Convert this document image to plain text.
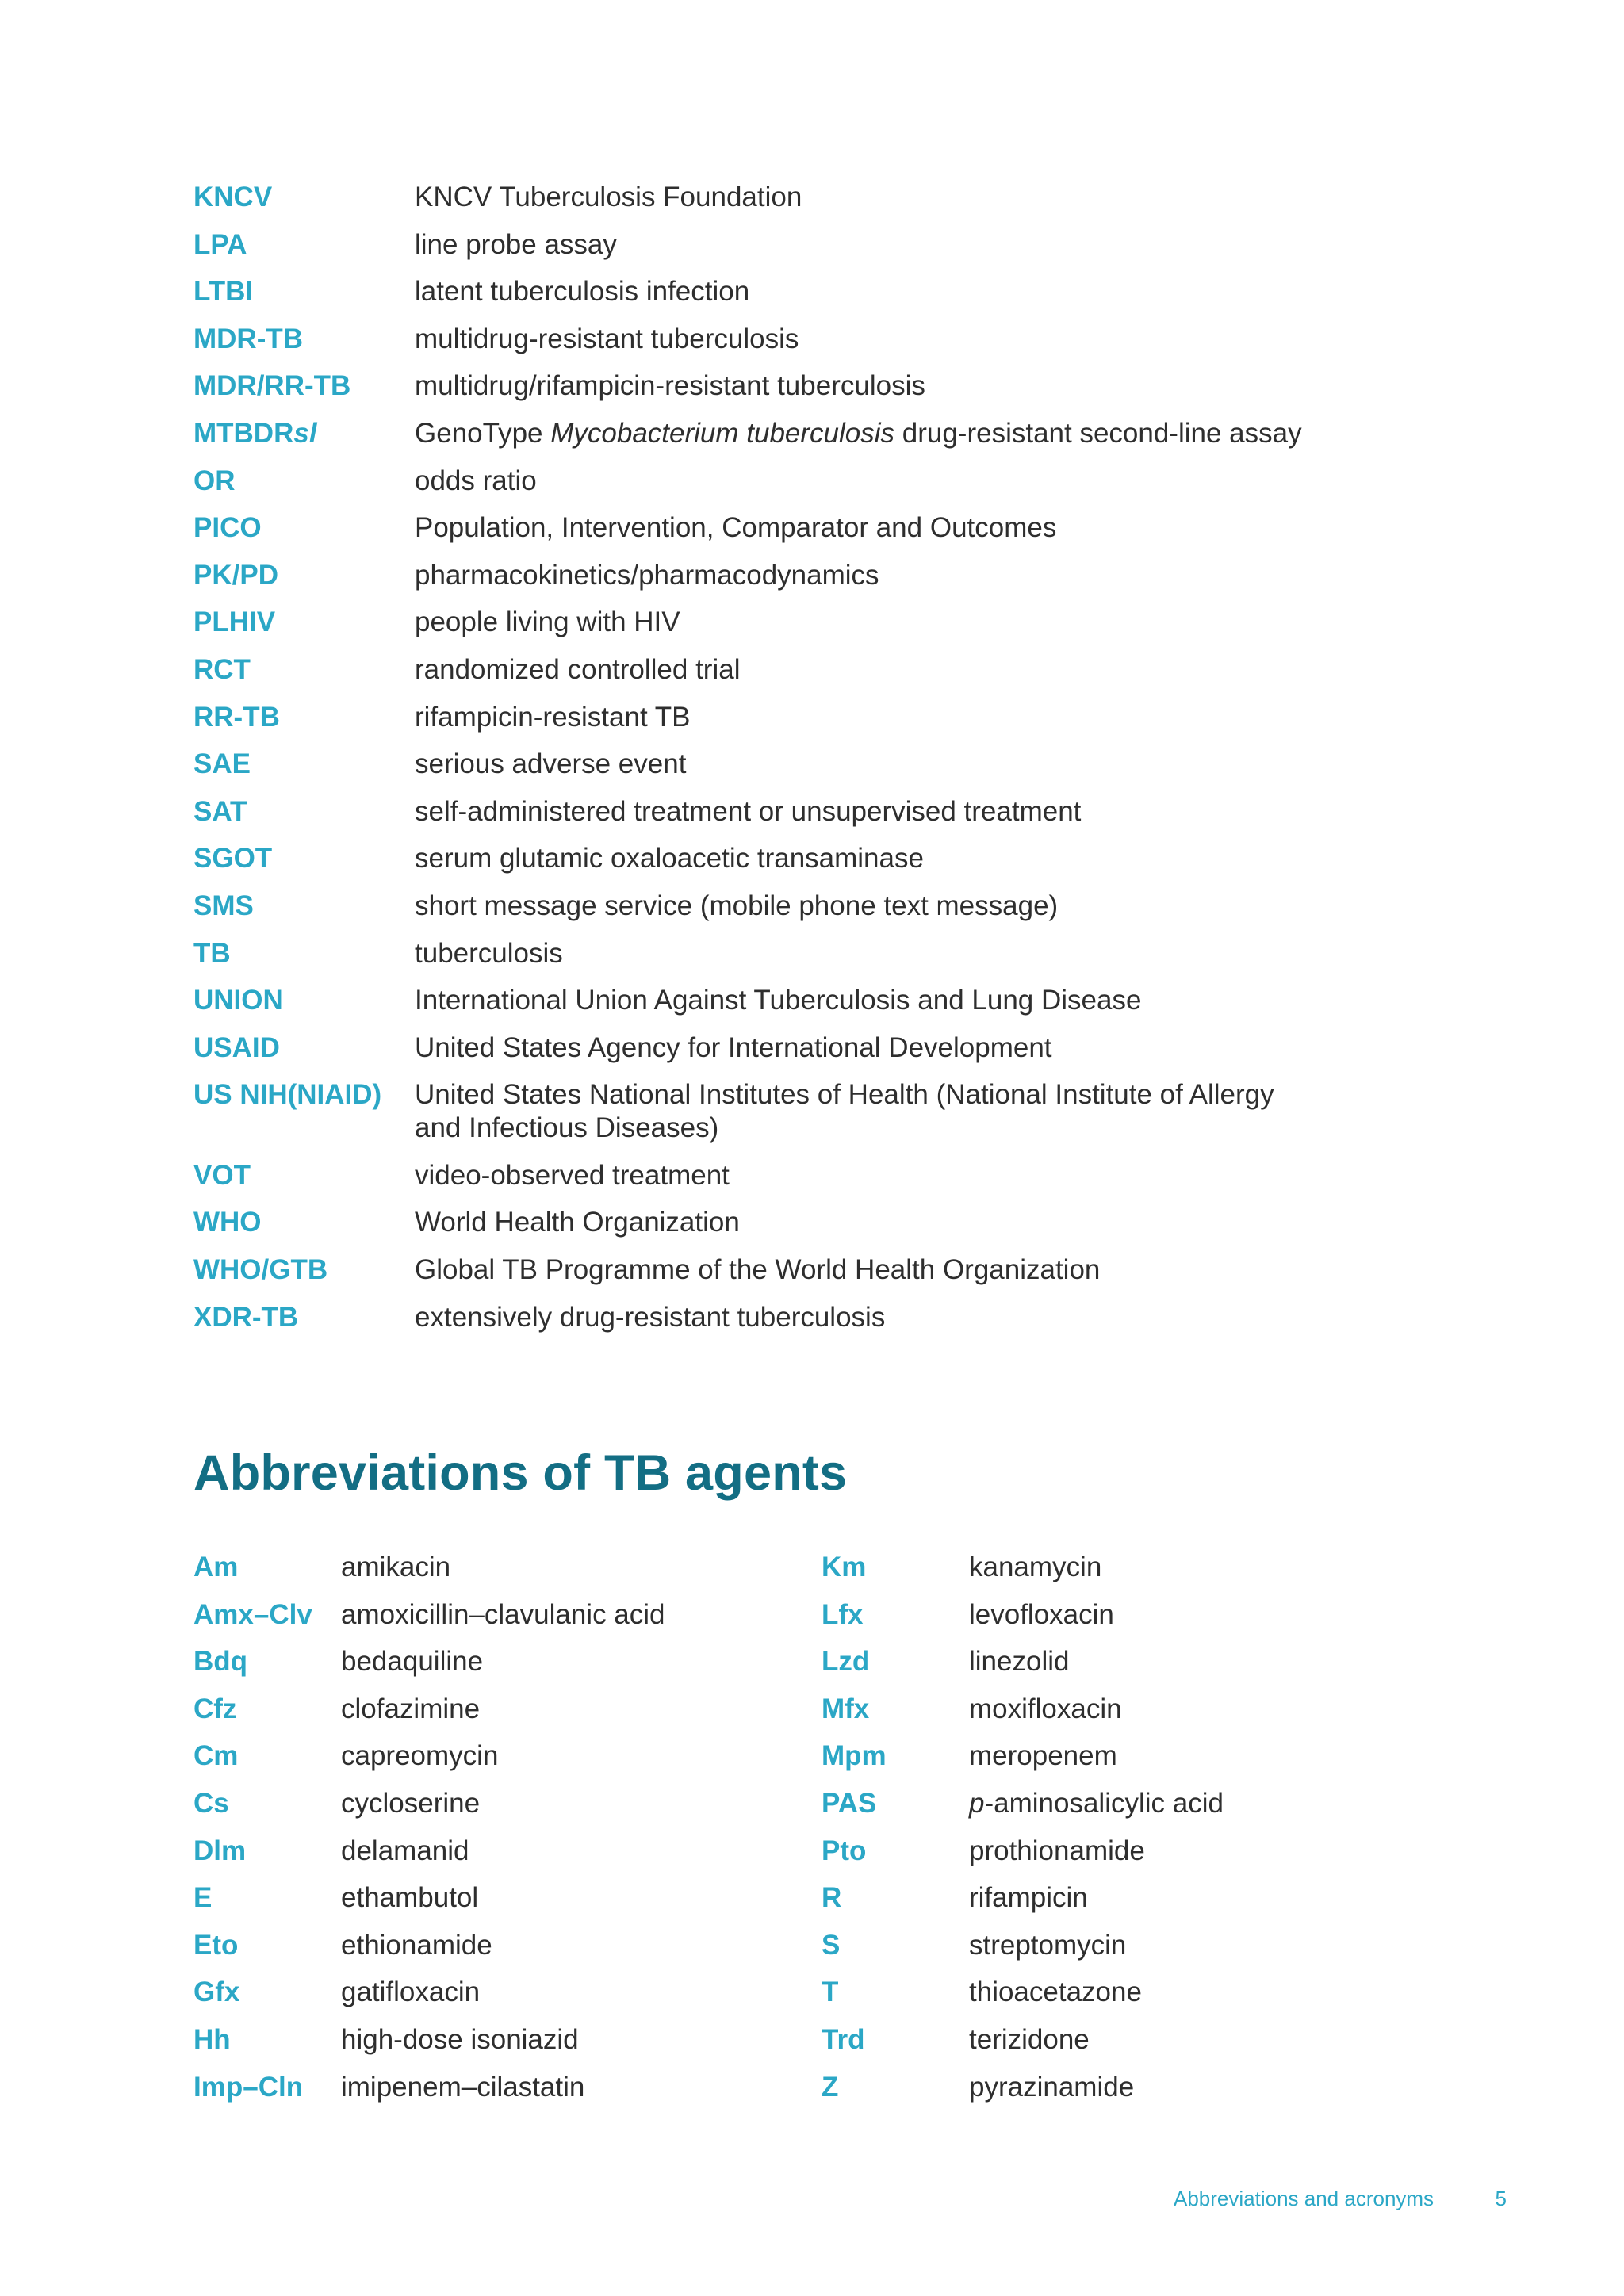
KNCV	KNCV Tuberculosis Foundation
LPA	line probe assay
LTBI	latent tuberculosis infection
MDR-TB	multidrug-resistant tuberculosis
MDR/RR-TB	multidrug/rifampicin-resistant tuberculosis
MTBDRsl	GenoType Mycobacterium tuberculosis drug-resistant second-line assay
OR	odds ratio
PICO	Population, Intervention, Comparator and Outcomes
PK/PD	pharmacokinetics/pharmacodynamics
PLHIV	people living with HIV
RCT	randomized controlled trial
RR-TB	rifampicin-resistant TB
SAE	serious adverse event
SAT	self-administered treatment or unsupervised treatment
SGOT	serum glutamic oxaloacetic transaminase
SMS	short message service (mobile phone text message)
TB	tuberculosis
UNION	International Union Against Tuberculosis and Lung Disease
USAID	United States Agency for International Development
US NIH(NIAID)	United States National Institutes of Health (National Institute of Allergy and Infectious Diseases)
VOT	video-observed treatment
WHO	World Health Organization
WHO/GTB	Global TB Programme of the World Health Organization
XDR-TB	extensively drug-resistant tuberculosis
Abbreviations of TB agents
Am	amikacin
Amx–Clv	amoxicillin–clavulanic acid
Bdq	bedaquiline
Cfz	clofazimine
Cm	capreomycin
Cs	cycloserine
Dlm	delamanid
E	ethambutol
Eto	ethionamide
Gfx	gatifloxacin
Hh	high-dose isoniazid
Imp–Cln	imipenem–cilastatin
Km	kanamycin
Lfx	levofloxacin
Lzd	linezolid
Mfx	moxifloxacin
Mpm	meropenem
PAS	p-aminosalicylic acid
Pto	prothionamide
R	rifampicin
S	streptomycin
T	thioacetazone
Trd	terizidone
Z	pyrazinamide
Abbreviations and acronyms	5
